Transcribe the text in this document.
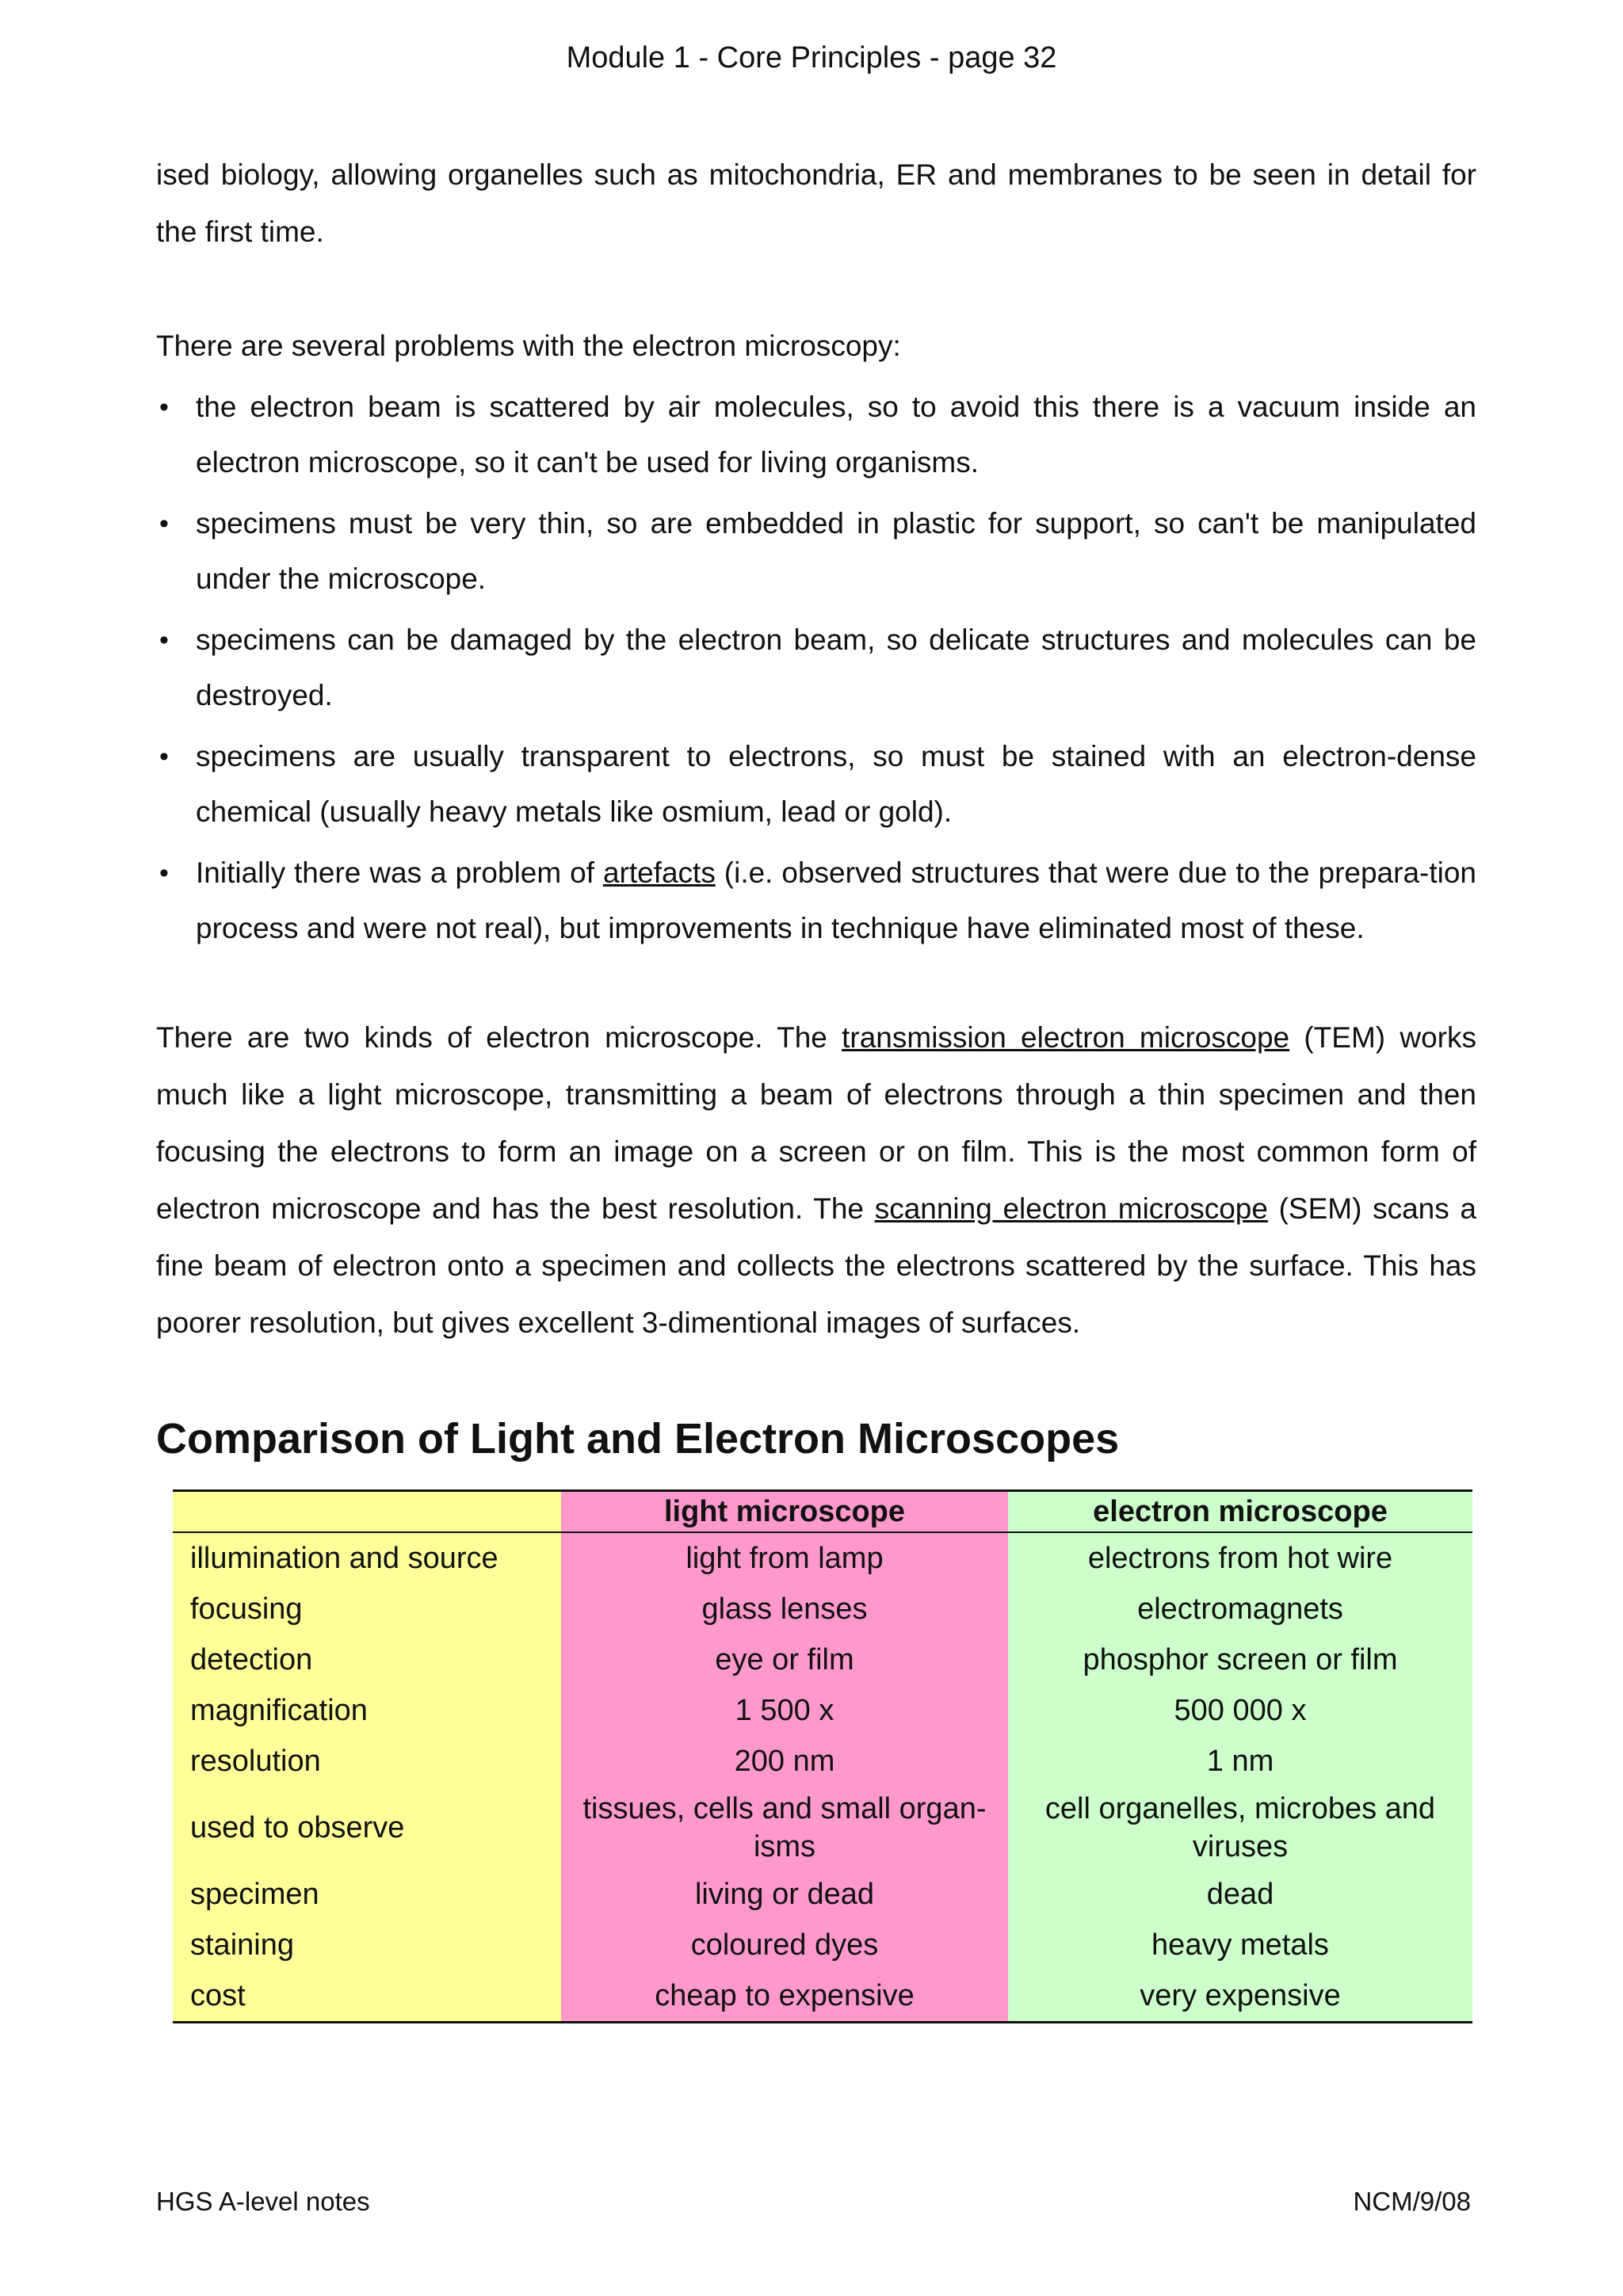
Module 1 - Core Principles - page 32

ised biology, allowing organelles such as mitochondria, ER and membranes to be seen in detail for the first time.

There are several problems with the electron microscopy:

• the electron beam is scattered by air molecules, so to avoid this there is a vacuum inside an electron microscope, so it can't be used for living organisms.
• specimens must be very thin, so are embedded in plastic for support, so can't be manipulated under the microscope.
• specimens can be damaged by the electron beam, so delicate structures and molecules can be destroyed.
• specimens are usually transparent to electrons, so must be stained with an electron-dense chemical (usually heavy metals like osmium, lead or gold).
• Initially there was a problem of artefacts (i.e. observed structures that were due to the prepara-tion process and were not real), but improvements in technique have eliminated most of these.

There are two kinds of electron microscope. The transmission electron microscope (TEM) works much like a light microscope, transmitting a beam of electrons through a thin specimen and then focusing the electrons to form an image on a screen or on film. This is the most common form of electron microscope and has the best resolution. The scanning electron microscope (SEM) scans a fine beam of electron onto a specimen and collects the electrons scattered by the surface. This has poorer resolution, but gives excellent 3-dimentional images of surfaces.

Comparison of Light and Electron Microscopes
	light microscope	electron microscope
illumination and source	light from lamp	electrons from hot wire
focusing	glass lenses	electromagnets
detection	eye or film	phosphor screen or film
magnification	1 500 x	500 000 x
resolution	200 nm	1 nm
used to observe	tissues, cells and small organ-isms	cell organelles, microbes and viruses
specimen	living or dead	dead
staining	coloured dyes	heavy metals
cost	cheap to expensive	very expensive
HGS A-level notes	NCM/9/08
